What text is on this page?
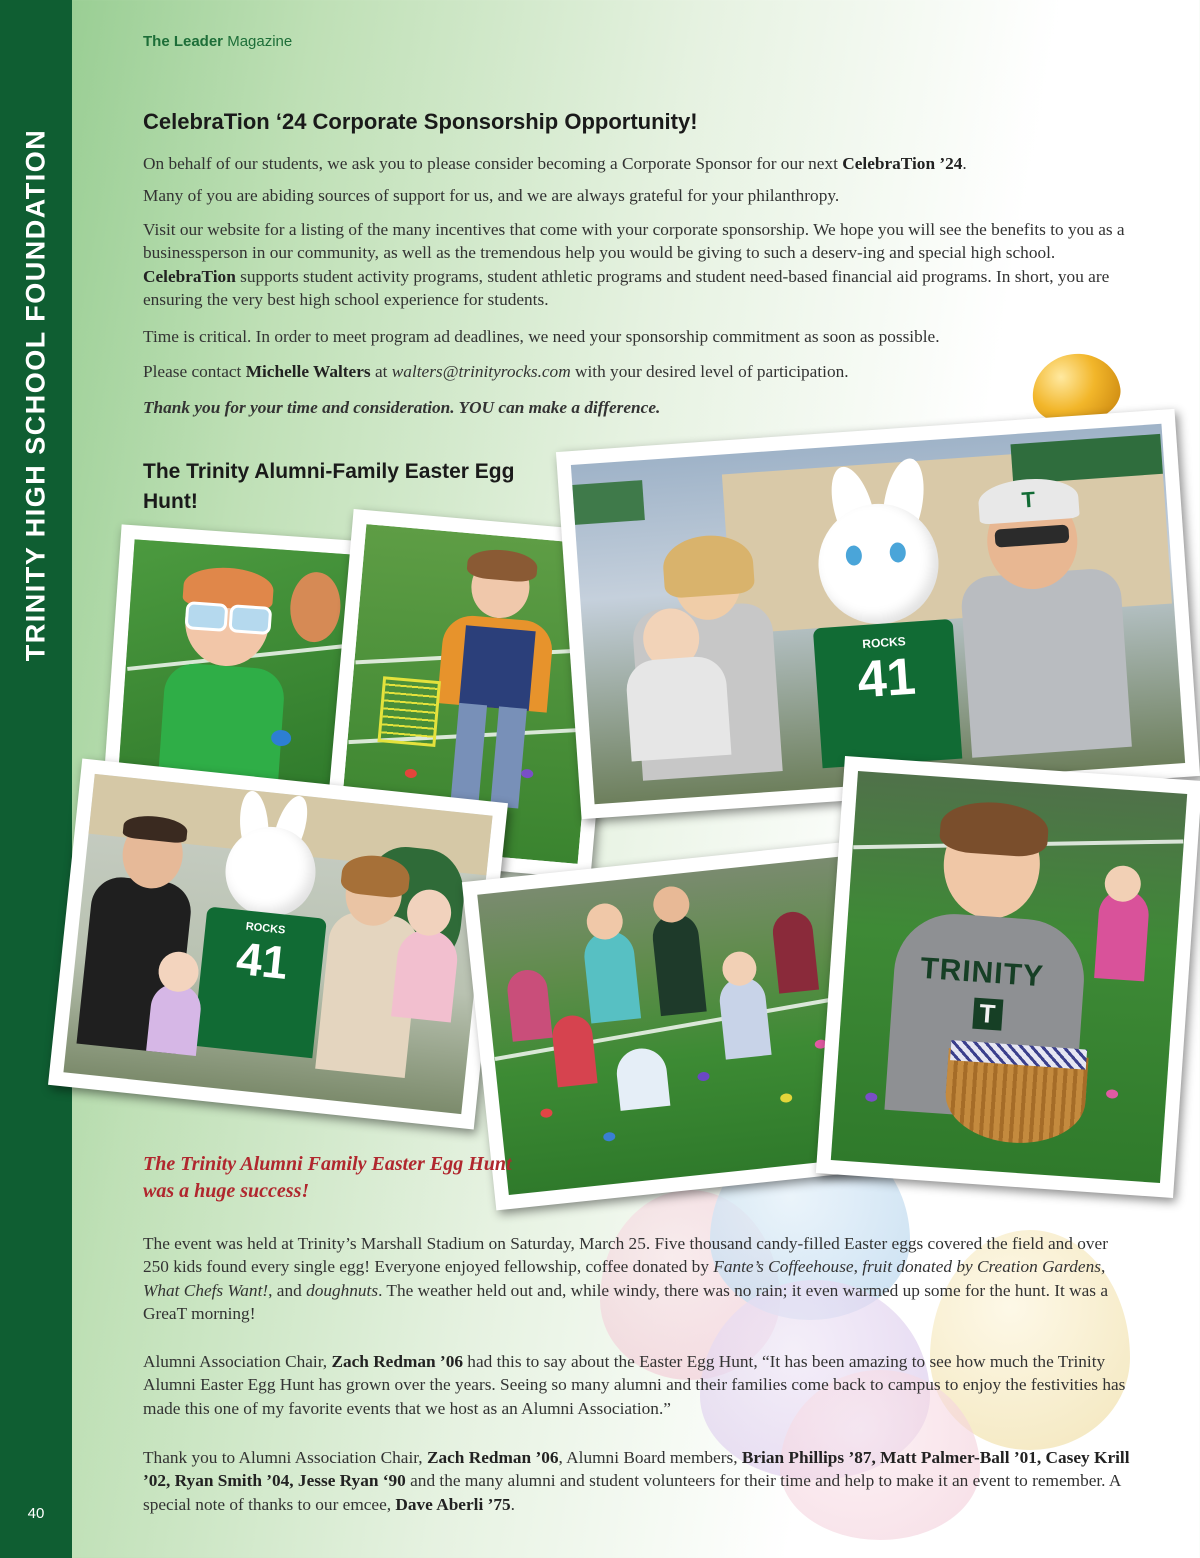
TRINITY HIGH SCHOOL FOUNDATION
40
The Leader Magazine
CelebraTion ‘24 Corporate Sponsorship Opportunity!

On behalf of our students, we ask you to please consider becoming a Corporate Sponsor for our next CelebraTion ’24.

Many of you are abiding sources of support for us, and we are always grateful for your philanthropy.

Visit our website for a listing of the many incentives that come with your corporate sponsorship. We hope you will see the benefits to you as a businessperson in our community, as well as the tremendous help you would be giving to such a deserv-ing and special high school. CelebraTion supports student activity programs, student athletic programs and student need-based financial aid programs. In short, you are ensuring the very best high school experience for students.

Time is critical. In order to meet program ad deadlines, we need your sponsorship commitment as soon as possible.

Please contact Michelle Walters at walters@trinityrocks.com with your desired level of participation.

Thank you for your time and consideration. YOU can make a difference.

The Trinity Alumni-Family Easter Egg Hunt!
ROCKS
41
T
ROCKS
41	TRINITY
T
The Trinity Alumni Family Easter Egg Hunt was a huge success!

The event was held at Trinity’s Marshall Stadium on Saturday, March 25. Five thousand candy-filled Easter eggs covered the field and over 250 kids found every single egg! Everyone enjoyed fellowship, coffee donated by Fante’s Coffeehouse, fruit donated by Creation Gardens, What Chefs Want!, and doughnuts. The weather held out and, while windy, there was no rain; it even warmed up some for the hunt. It was a GreaT morning!

Alumni Association Chair, Zach Redman ’06 had this to say about the Easter Egg Hunt, “It has been amazing to see how much the Trinity Alumni Easter Egg Hunt has grown over the years. Seeing so many alumni and their families come back to campus to enjoy the festivities has made this one of my favorite events that we host as an Alumni Association.”

Thank you to Alumni Association Chair, Zach Redman ’06, Alumni Board members, Brian Phillips ’87, Matt Palmer-Ball ’01, Casey Krill ’02, Ryan Smith ’04, Jesse Ryan ‘90 and the many alumni and student volunteers for their time and help to make it an event to remember. A special note of thanks to our emcee, Dave Aberli ’75.
